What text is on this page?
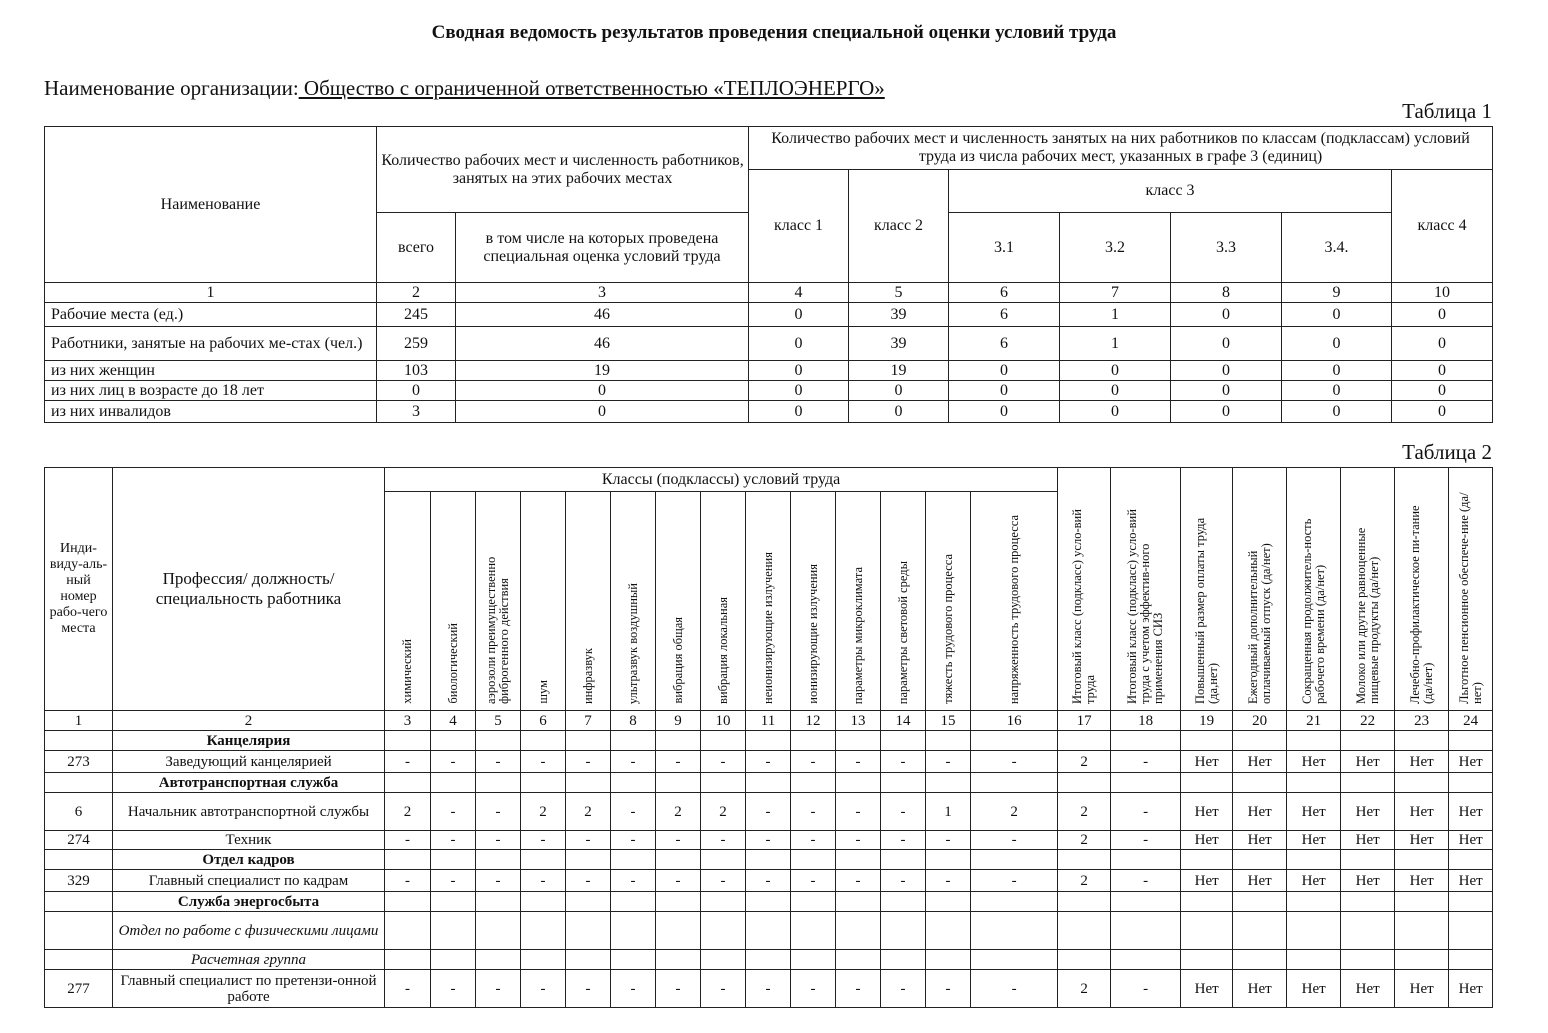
Сводная ведомость результатов проведения специальной оценки условий труда
Наименование организации: Общество с ограниченной ответственностью «ТЕПЛОЭНЕРГО»
Таблица 1
Наименование	Количество рабочих мест и численность работников, занятых на этих рабочих местах		Количество рабочих мест и численность занятых на них работников по классам (подклассам) условий труда из числа рабочих мест, указанных в графе 3 (единиц)						
			класс 1	класс 2	класс 3				класс 4
	всего	в том числе на которых проведена специальная оценка условий труда			3.1	3.2	3.3	3.4.	
1	2	3	4	5	6	7	8	9	10
Рабочие места (ед.)	245	46	0	39	6	1	0	0	0
Работники, занятые на рабочих ме-стах (чел.)	259	46	0	39	6	1	0	0	0
из них женщин	103	19	0	19	0	0	0	0	0
из них лиц в возрасте до 18 лет	0	0	0	0	0	0	0	0	0
из них инвалидов	3	0	0	0	0	0	0	0	0
Таблица 2
Инди-виду-аль-ный номер рабо-чего места	Профессия/ должность/ специальность работника	Классы (подклассы) условий труда														Итоговый класс (подкласс) усло-вий труда	Итоговый класс (подкласс) усло-вий труда с учетом эффектив-ного применения СИЗ	Повышенный размер оплаты труда (да,нет)	Ежегодный дополнительный оплачиваемый отпуск (да/нет)	Сокращенная продолжитель-ность рабочего времени (да/нет)	Молоко или другие равноценные пищевые продукты (да/нет)	Лечебно-профилактическое пи-тание (да/нет)	Льготное пенсионное обеспече-ние (да/нет)

		химический	биологический	аэрозоли преимущественно фиброгенного действия	шум	инфразвук	ультразвук воздушный	вибрация общая	вибрация локальная	неионизирующие излучения	ионизирующие излучения	параметры микроклимата	параметры световой среды	тяжесть трудового процесса	напряженность трудового процесса								

1	2	3	4	5	6	7	8	9	10	11	12	13	14	15	16	17	18	19	20	21	22	23	24
	Канцелярия																						
273	Заведующий канцелярией	-	-	-	-	-	-	-	-	-	-	-	-	-	-	2	-	Нет	Нет	Нет	Нет	Нет	Нет
	Автотранспортная служба																						
6	Начальник автотранспортной службы	2	-	-	2	2	-	2	2	-	-	-	-	1	2	2	-	Нет	Нет	Нет	Нет	Нет	Нет
274	Техник	-	-	-	-	-	-	-	-	-	-	-	-	-	-	2	-	Нет	Нет	Нет	Нет	Нет	Нет
	Отдел кадров																						
329	Главный специалист по кадрам	-	-	-	-	-	-	-	-	-	-	-	-	-	-	2	-	Нет	Нет	Нет	Нет	Нет	Нет
	Служба энергосбыта																						
	Отдел по работе с физическими лицами																						
	Расчетная группа																						
277	Главный специалист по претензи-онной работе	-	-	-	-	-	-	-	-	-	-	-	-	-	-	2	-	Нет	Нет	Нет	Нет	Нет	Нет
